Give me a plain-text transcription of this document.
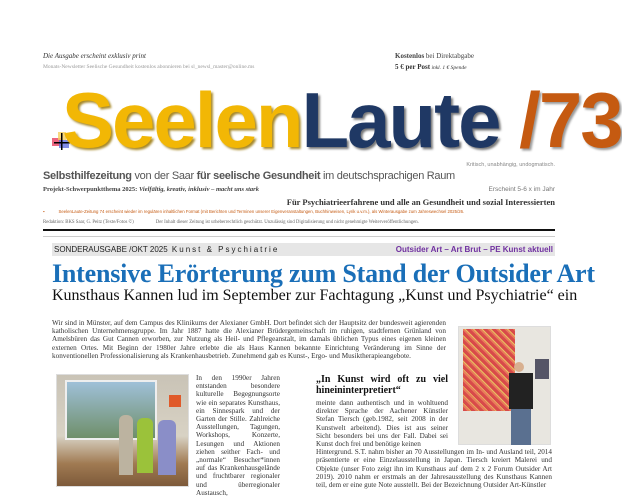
Die Ausgabe erscheint exklusiv print
Monats-Newsletter Seelische Gesundheit kostenlos abonnieren bei sl_newsl_master@online.ms
Kostenlos bei Direktabgabe
5 € per Post inkl. 1 € Spende
SeelenLaute /73
Kritisch, unabhängig, undogmatisch.
Selbsthilfezeitung von der Saar für seelische Gesundheit im deutschsprachigen Raum
Erscheint 5-6 x im Jahr
Projekt-Schwerpunktthema 2025: Vielfältig, kreativ, inklusiv – macht uns stark
Für Psychiatrieerfahrene und alle an Gesundheit und sozial Interessierten
▪	SeelenLaute-Zeitung 74 erscheint wieder im regulären inhaltlichen Format (mit Berichten und Terminen unserer Eigenveranstaltungen, Buchhinweisen, Lyrik u.v.m.), als Winterausgabe zum Jahreswechsel 2025/26.
Redaktion: BKS Saar, G. Peitz (Texte/Fotos ©)	Der Inhalt dieser Zeitung ist urheberrechtlich geschützt. Unzulässig sind Digitalisierung und nicht genehmigte Weiterveröffentlichungen.
SONDERAUSGABE /OKT 2025 Kunst & Psychiatrie	Outsider Art – Art Brut – PE Kunst aktuell
Intensive Erörterung zum Stand der Outsider Art
Kunsthaus Kannen lud im September zur Fachtagung „Kunst und Psychiatrie“ ein
Wir sind in Münster, auf dem Campus des Klinikums der Alexianer GmbH. Dort befindet sich der Hauptsitz der bundesweit agierenden katholischen Unternehmensgruppe. Im Jahr 1887 hatte die Alexianer Brüdergemeinschaft im ruhigen, stadtfernen Grünland von Amelsbüren das Gut Cannen erworben, zur Nutzung als Heil- und Pflegeanstalt, im damals üblichen Typus eines eigenen kleinen externen Ortes. Mit Beginn der 1980er Jahre erlebte die als Haus Kannen bekannte Einrichtung Veränderung im Sinne der konventionellen Professionalisierung als Krankenhausbetrieb. Zunehmend gab es Kunst-, Ergo- und Musiktherapieangebote.
In den 1990er Jahren entstanden besondere kulturelle Begegnungsorte wie ein separates Kunsthaus, ein Sinnespark und der Garten der Stille. Zahlreiche Ausstellungen, Tagungen, Workshops, Konzerte, Lesungen und Aktionen ziehen seither Fach- und „normale“ Besucher*innen auf das Krankenhausgelände und fruchtbarer regionaler und überregionaler Austausch,
„In Kunst wird oft zu viel hineininterpretiert“
meinte dann authentisch und in wohltuend direkter Sprache der Aachener Künstler Stefan Tiersch (geb.1982, seit 2008 in der Kunstwelt arbeitend). Dies ist aus seiner Sicht besonders bei uns der Fall. Dabei sei Kunst doch frei und benötige keinen
Hintergrund. S.T. nahm bisher an 70 Ausstellungen im In- und Ausland teil, 2014 präsentierte er eine Einzelausstellung in Japan. Tiersch kreiert Malerei und Objekte (unser Foto zeigt ihn im Kunsthaus auf dem 2 x 2 Forum Outsider Art 2019). 2010 nahm er erstmals an der Jahresausstellung des Kunsthaus Kannen teil, dem er eine gute Note ausstellt. Bei der Bezeichnung Outsider Art-Künstler
